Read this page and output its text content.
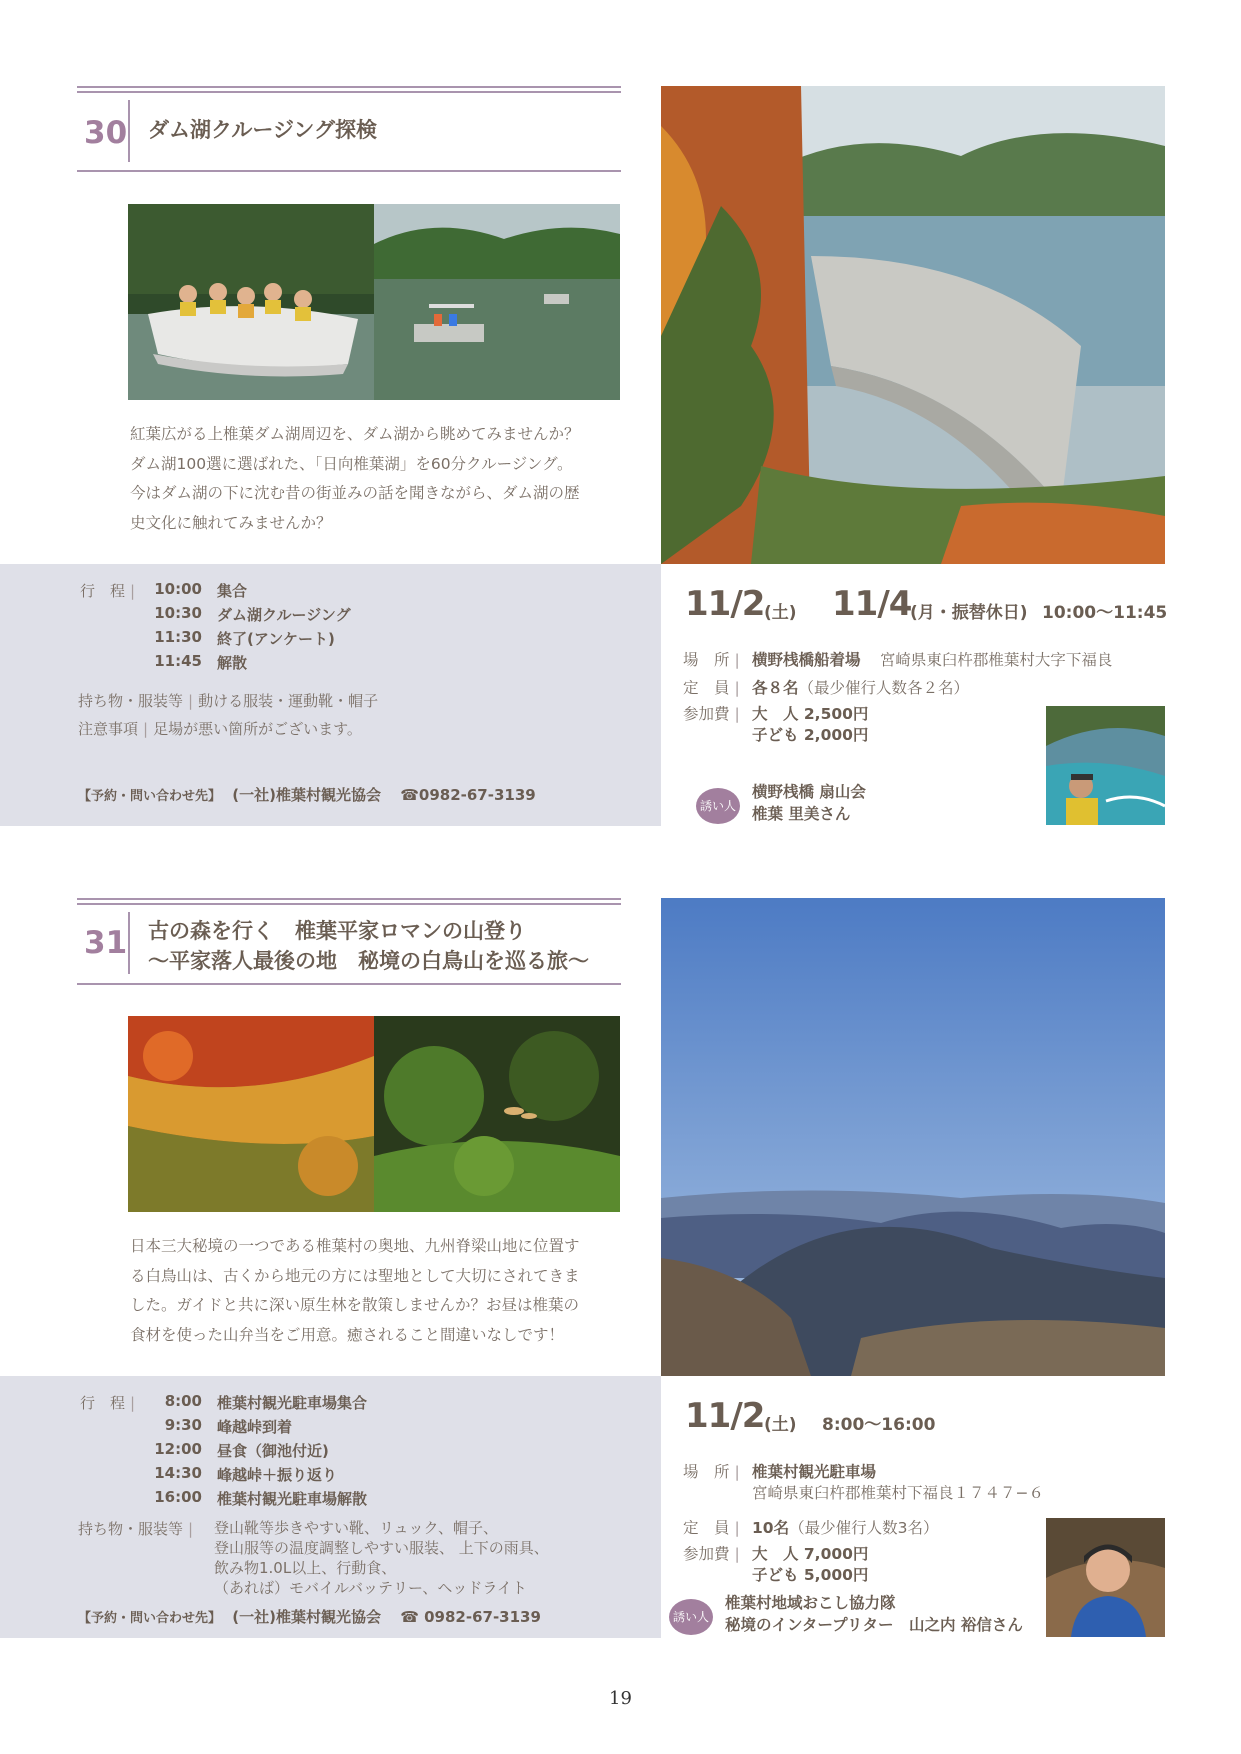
30 ダム湖クルージング探検
紅葉広がる上椎葉ダム湖周辺を、ダム湖から眺めてみませんか？
ダム湖100選に選ばれた、「日向椎葉湖」を60分クルージング。
今はダム湖の下に沈む昔の街並みの話を聞きながら、ダム湖の歴
史文化に触れてみませんか？
行　程 |	10:00 集合
10:30 ダム湖クルージング
11:30 終了(アンケート)
11:45 解散
持ち物・服装等 | 動ける服装・運動靴・帽子
注意事項 | 足場が悪い箇所がございます。
【予約・問い合わせ先】 (一社)椎葉村観光協会 ☎0982-67-3139
11/2 (土) 11/4
(月・振替休日) 10:00〜11:45
場　所 | 横野桟橋船着場 宮崎県東臼杵郡椎葉村大字下福良
定　員 | 各８名（最少催行人数各２名）
参加費 | 大　人 2,500円
子ども 2,000円
誘い人
横野桟橋 扇山会
椎葉 里美さん
31 古の森を行く　椎葉平家ロマンの山登り
〜平家落人最後の地　秘境の白鳥山を巡る旅〜
日本三大秘境の一つである椎葉村の奥地、九州脊梁山地に位置す
る白鳥山は、古くから地元の方には聖地として大切にされてきま
した。ガイドと共に深い原生林を散策しませんか？お昼は椎葉の
食材を使った山弁当をご用意。癒されること間違いなしです！
行　程 |	8:00 椎葉村観光駐車場集合
9:30 峰越峠到着
12:00 昼食（御池付近)
14:30 峰越峠＋振り返り
16:00 椎葉村観光駐車場解散
持ち物・服装等 |	登山靴等歩きやすい靴、リュック、帽子、
登山服等の温度調整しやすい服装、 上下の雨具、
飲み物1.0L以上、行動食、
（あれば）モバイルバッテリー、ヘッドライト
【予約・問い合わせ先】 (一社)椎葉村観光協会 ☎ 0982-67-3139
11/2 (土) 8:00〜16:00
場　所 | 椎葉村観光駐車場
宮崎県東臼杵郡椎葉村下福良１７４７−６
定　員 | 10名（最少催行人数3名）
参加費 | 大　人 7,000円
子ども 5,000円
誘い人
椎葉村地域おこし協力隊
秘境のインタープリター　山之内 裕信さん
19
